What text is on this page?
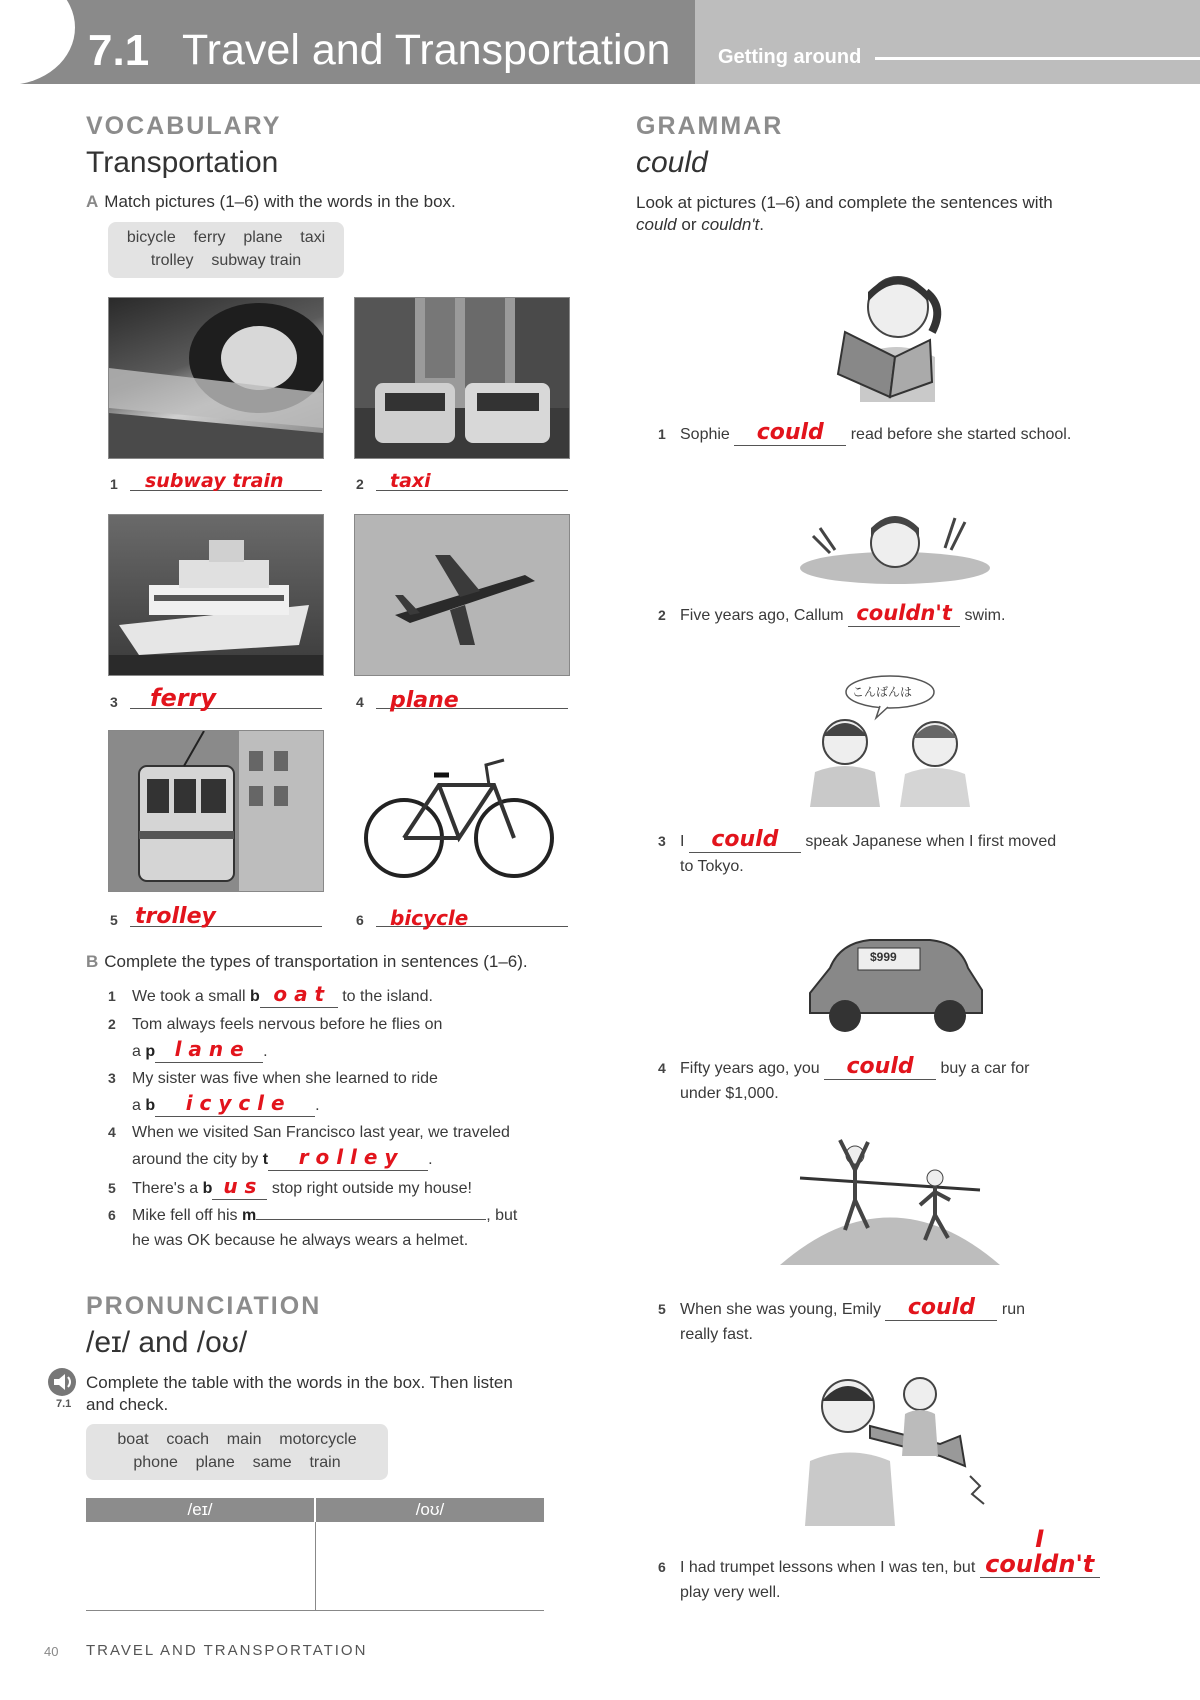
7.1 Travel and Transportation Getting around
VOCABULARY
Transportation
A Match pictures (1–6) with the words in the box.
bicycle    ferry    plane    taxi
trolley    subway train
1 subway train	2 taxi
3 ferry	4 plane
5 trolley	6 bicycle
B Complete the types of transportation in sentences (1–6).
1 We took a small b o a t to the island.
2 Tom always feels nervous before he flies on
a p l a n e .
3 My sister was five when she learned to ride
a b i c y c l e .
4 When we visited San Francisco last year, we traveled
around the city by t r o l l e y .
5 There's a b u s stop right outside my house!
6 Mike fell off his m	, but
he was OK because he always wears a helmet.
PRONUNCIATION
/eɪ/ and /oʊ/
7.1
Complete the table with the words in the box. Then listen
and check.
boat    coach    main    motorcycle
phone    plane    same    train
/eɪ/	/oʊ/
40 TRAVEL AND TRANSPORTATION
GRAMMAR
could
Look at pictures (1–6) and complete the sentences with
could or couldn't.
1 Sophie could read before she started school.
2 Five years ago, Callum couldn't swim.
こんばんは
3 I could speak Japanese when I first moved
to Tokyo.
$999
4 Fifty years ago, you could buy a car for
under $1,000.
5 When she was young, Emily could run
really fast.
6 I had trumpet lessons when I was ten, but I couldn't
play very well.
